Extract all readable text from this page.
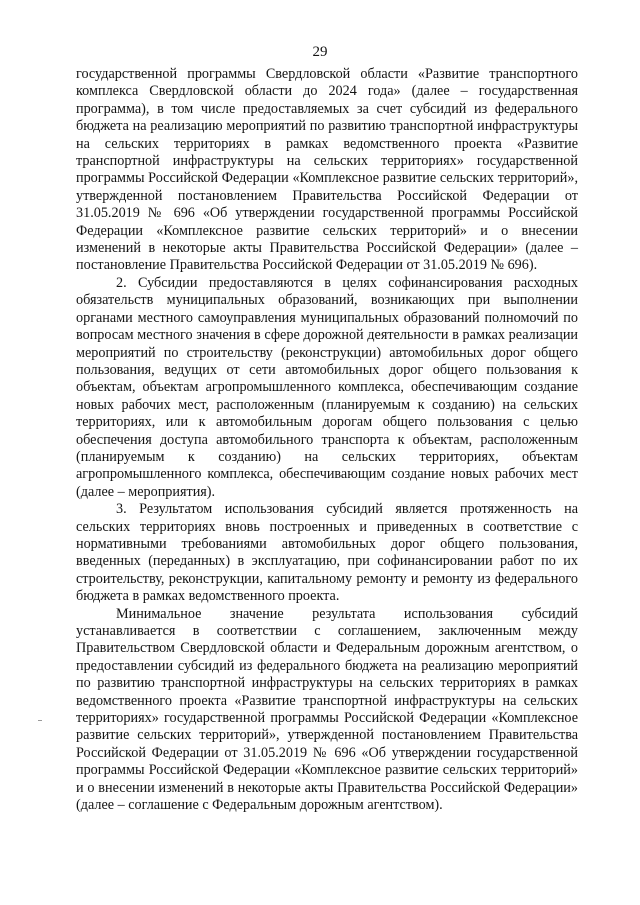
29

государственной программы Свердловской области «Развитие транспортного комплекса Свердловской области до 2024 года» (далее – государственная программа), в том числе предоставляемых за счет субсидий из федерального бюджета на реализацию мероприятий по развитию транспортной инфраструктуры на сельских территориях в рамках ведомственного проекта «Развитие транспортной инфраструктуры на сельских территориях» государственной программы Российской Федерации «Комплексное развитие сельских территорий», утвержденной постановлением Правительства Российской Федерации от 31.05.2019 № 696 «Об утверждении государственной программы Российской Федерации «Комплексное развитие сельских территорий» и о внесении изменений в некоторые акты Правительства Российской Федерации» (далее – постановление Правительства Российской Федерации от 31.05.2019 № 696).

2. Субсидии предоставляются в целях софинансирования расходных обязательств муниципальных образований, возникающих при выполнении органами местного самоуправления муниципальных образований полномочий по вопросам местного значения в сфере дорожной деятельности в рамках реализации мероприятий по строительству (реконструкции) автомобильных дорог общего пользования, ведущих от сети автомобильных дорог общего пользования к объектам, объектам агропромышленного комплекса, обеспечивающим создание новых рабочих мест, расположенным (планируемым к созданию) на сельских территориях, или к автомобильным дорогам общего пользования с целью обеспечения доступа автомобильного транспорта к объектам, расположенным (планируемым к созданию) на сельских территориях, объектам агропромышленного комплекса, обеспечивающим создание новых рабочих мест (далее – мероприятия).

3. Результатом использования субсидий является протяженность на сельских территориях вновь построенных и приведенных в соответствие с нормативными требованиями автомобильных дорог общего пользования, введенных (переданных) в эксплуатацию, при софинансировании работ по их строительству, реконструкции, капитальному ремонту и ремонту из федерального бюджета в рамках ведомственного проекта.

Минимальное значение результата использования субсидий устанавливается в соответствии с соглашением, заключенным между Правительством Свердловской области и Федеральным дорожным агентством, о предоставлении субсидий из федерального бюджета на реализацию мероприятий по развитию транспортной инфраструктуры на сельских территориях в рамках ведомственного проекта «Развитие транспортной инфраструктуры на сельских территориях» государственной программы Российской Федерации «Комплексное развитие сельских территорий», утвержденной постановлением Правительства Российской Федерации от 31.05.2019 № 696 «Об утверждении государственной программы Российской Федерации «Комплексное развитие сельских территорий» и о внесении изменений в некоторые акты Правительства Российской Федерации» (далее – соглашение с Федеральным дорожным агентством).
